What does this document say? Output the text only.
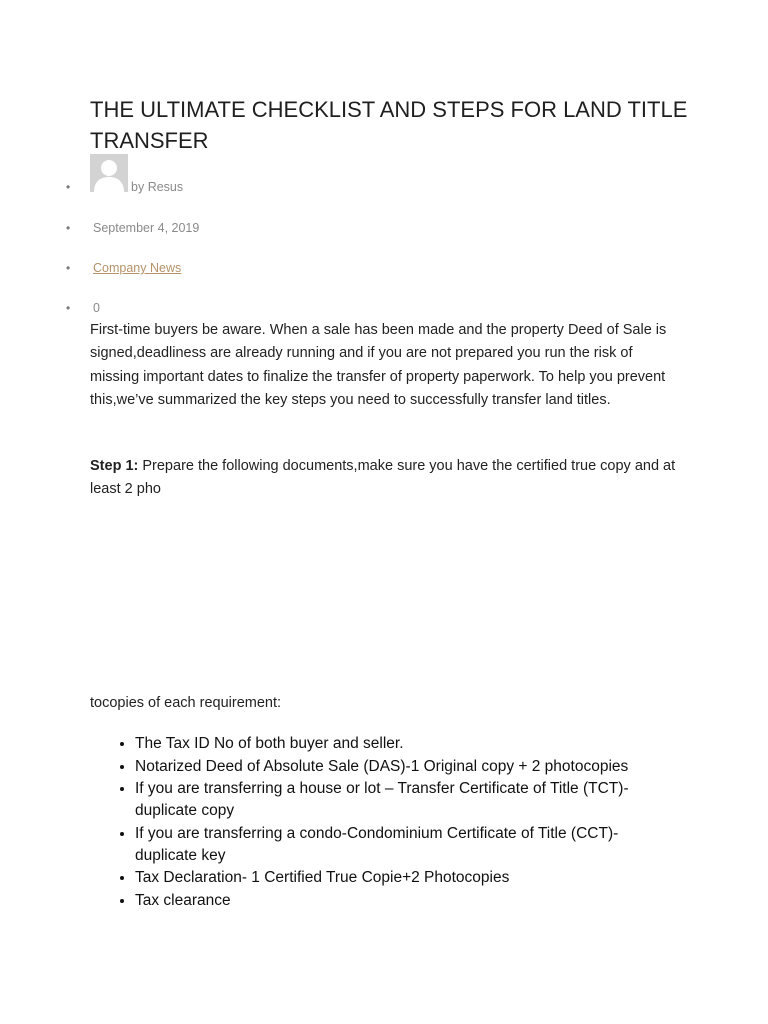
THE ULTIMATE CHECKLIST AND STEPS FOR LAND TITLE TRANSFER
•	by Resus
• September 4, 2019
• Company News
• 0

First-time buyers be aware. When a sale has been made and the property Deed of Sale is signed,deadliness are already running and if you are not prepared you run the risk of missing important dates to finalize the transfer of property paperwork. To help you prevent this,we’ve summarized the key steps you need to successfully transfer land titles.

Step 1: Prepare the following documents,make sure you have the certified true copy and at least 2 pho

tocopies of each requirement:

• The Tax ID No of both buyer and seller.
• Notarized Deed of Absolute Sale (DAS)-1 Original copy + 2 photocopies
• If you are transferring a house or lot – Transfer Certificate of Title (TCT)-duplicate copy
• If you are transferring a condo-Condominium Certificate of Title (CCT)-duplicate key
• Tax Declaration- 1 Certified True Copie+2 Photocopies
• Tax clearance
